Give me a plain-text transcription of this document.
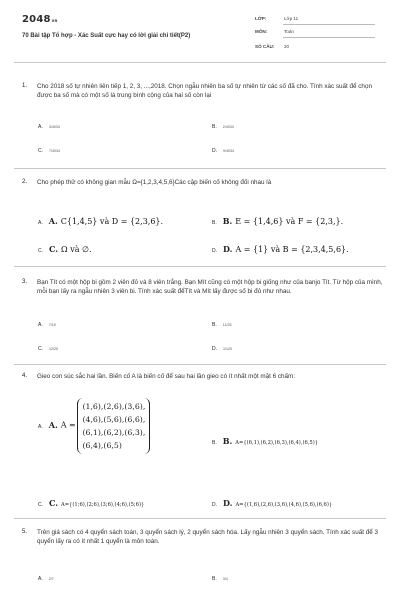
2048vn
70 Bài tập Tổ hợp - Xác Suất cực hay có lời giải chi tiết(P2)
LỚP:	Lớp 11
MÔN:	Toán
SỐ CÂU: 20
1. Cho 2018 số tự nhiên liên tiếp 1, 2, 3, ...,2018. Chọn ngẫu nhiên ba số tự nhiên từ các số đã cho. Tính xác suất để chọn được ba số mà có một số là trung bình cộng của hai số còn lại
A. 3/4034	B. 2/4034
C. 7/4034	D. 9/4034
2. Cho phép thử có không gian mẫu Ω={1,2,3,4,5,6}Các cặp biến cố không đối nhau là
A. A. C{1,4,5} và D = {2,3,6}.	B. B. E = {1,4,6} và F = {2,3,}.
C. C. Ω và ∅.	D. D. A = {1} và B = {2,3,4,5,6}.
3. Bạn Tít có một hộp bi gồm 2 viên đỏ và 8 viên trắng. Bạn Mít cũng có một hộp bi giống như của banjo Tít. Từ hộp của mình, mỗi bạn lấy ra ngẫu nhiên 3 viên bi. Tính xác suất đểTít và Mít lấy được số bi đỏ như nhau.
A. 7/15	B. 11/25
C. 12/25	D. 1/120
4. Gieo con súc sắc hai lần. Biến cố A là biến cố để sau hai lần gieo có ít nhất một mặt 6 chấm:
A. A. A =
(1,6),(2,6),(3,6),
(4,6),(5,6),(6,6),
(6,1),(6,2),(6,3),
(6,4),(6,5)	B. B. A={(6,1),(6,2),(6,3),(6,4),(6,5)}
C. C. A={(1;6),(2;6),(3;6),(4;6),(5;6)}	D. D. A={(1,6),(2,6),(3,6),(4,6),(5,6),(6,6)}
5. Trên giá sách có 4 quyển sách toán, 3 quyển sách lý, 2 quyển sách hóa. Lấy ngẫu nhiên 3 quyển sách. Tính xác suất để 3 quyển lấy ra có ít nhất 1 quyển là môn toán.
A. 2/7	B. 3/4
